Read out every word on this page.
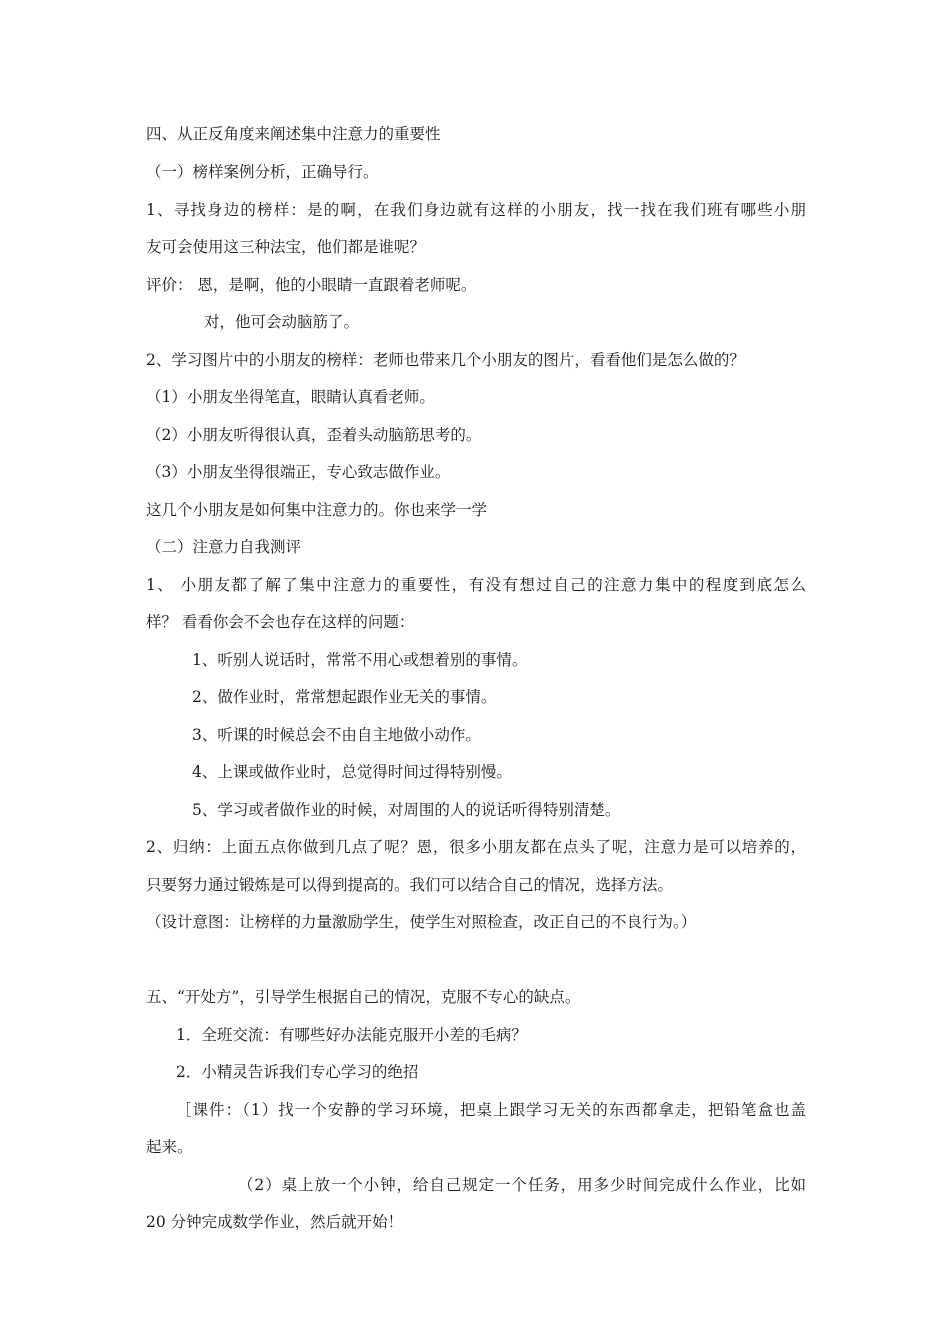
四、从正反角度来阐述集中注意力的重要性
（一）榜样案例分析，正确导行。
1、寻找身边的榜样：是的啊，在我们身边就有这样的小朋友，找一找在我们班有哪些小朋
友可会使用这三种法宝，他们都是谁呢？
评价： 恩，是啊，他的小眼睛一直跟着老师呢。
对，他可会动脑筋了。
2、学习图片中的小朋友的榜样：老师也带来几个小朋友的图片，看看他们是怎么做的？
（1）小朋友坐得笔直，眼睛认真看老师。
（2）小朋友听得很认真，歪着头动脑筋思考的。
（3）小朋友坐得很端正，专心致志做作业。
这几个小朋友是如何集中注意力的。你也来学一学
（二）注意力自我测评
1、 小朋友都了解了集中注意力的重要性，有没有想过自己的注意力集中的程度到底怎么
样？ 看看你会不会也存在这样的问题：
1、听别人说话时，常常不用心或想着别的事情。
2、做作业时，常常想起跟作业无关的事情。
3、听课的时候总会不由自主地做小动作。
4、上课或做作业时，总觉得时间过得特别慢。
5、学习或者做作业的时候，对周围的人的说话听得特别清楚。
2、归纳：上面五点你做到几点了呢？恩，很多小朋友都在点头了呢，注意力是可以培养的，
只要努力通过锻炼是可以得到提高的。我们可以结合自己的情况，选择方法。
（设计意图：让榜样的力量激励学生，使学生对照检查，改正自己的不良行为。）
五、“开处方”，引导学生根据自己的情况，克服不专心的缺点。
1．全班交流：有哪些好办法能克服开小差的毛病？
2．小精灵告诉我们专心学习的绝招
［课件：（1）找一个安静的学习环境，把桌上跟学习无关的东西都拿走，把铅笔盒也盖
起来。
（2）桌上放一个小钟，给自己规定一个任务，用多少时间完成什么作业，比如
20 分钟完成数学作业，然后就开始！
